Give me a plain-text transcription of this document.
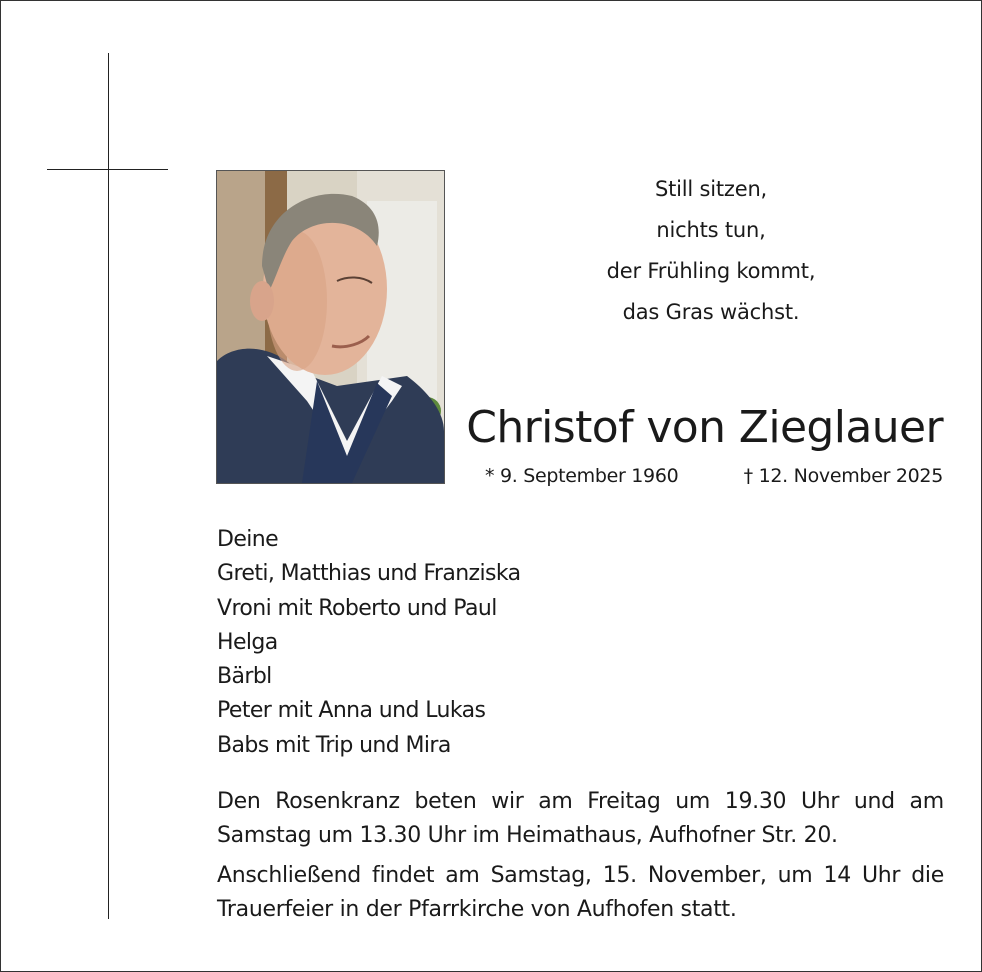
Still sitzen,
nichts tun,
der Frühling kommt,
das Gras wächst.
Christof von Zieglauer
* 9. September 1960	† 12. November 2025
Deine
Greti, Matthias und Franziska
Vroni mit Roberto und Paul
Helga
Bärbl
Peter mit Anna und Lukas
Babs mit Trip und Mira
Den Rosenkranz beten wir am Freitag um 19.30 Uhr und am
Samstag um 13.30 Uhr im Heimathaus, Aufhofner Str. 20.
Anschließend findet am Samstag, 15. November, um 14 Uhr die
Trauerfeier in der Pfarrkirche von Aufhofen statt.
